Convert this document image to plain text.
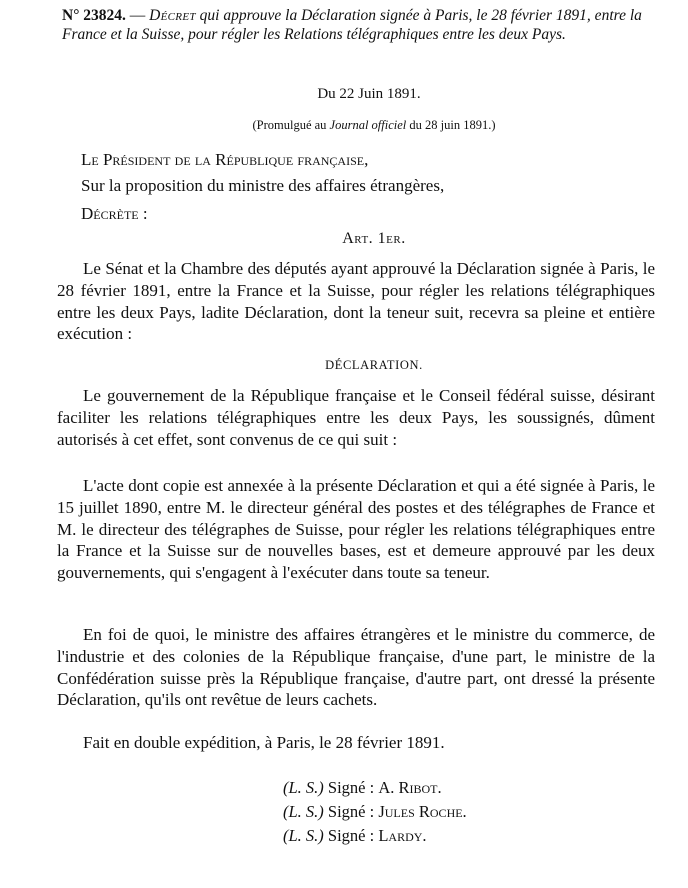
N° 23824. — Décret qui approuve la Déclaration signée à Paris, le 28 février 1891, entre la France et la Suisse, pour régler les Relations télégraphiques entre les deux Pays.
Du 22 Juin 1891.
(Promulgué au Journal officiel du 28 juin 1891.)
Le Président de la République française,
Sur la proposition du ministre des affaires étrangères,
Décrète :
Art. 1er.
Le Sénat et la Chambre des députés ayant approuvé la Déclaration signée à Paris, le 28 février 1891, entre la France et la Suisse, pour régler les relations télégraphiques entre les deux Pays, ladite Déclaration, dont la teneur suit, recevra sa pleine et entière exécution :
DÉCLARATION.
Le gouvernement de la République française et le Conseil fédéral suisse, désirant faciliter les relations télégraphiques entre les deux Pays, les soussignés, dûment autorisés à cet effet, sont convenus de ce qui suit :
L'acte dont copie est annexée à la présente Déclaration et qui a été signée à Paris, le 15 juillet 1890, entre M. le directeur général des postes et des télégraphes de France et M. le directeur des télégraphes de Suisse, pour régler les relations télégraphiques entre la France et la Suisse sur de nouvelles bases, est et demeure approuvé par les deux gouvernements, qui s'engagent à l'exécuter dans toute sa teneur.
En foi de quoi, le ministre des affaires étrangères et le ministre du commerce, de l'industrie et des colonies de la République française, d'une part, le ministre de la Confédération suisse près la République française, d'autre part, ont dressé la présente Déclaration, qu'ils ont revêtue de leurs cachets.
Fait en double expédition, à Paris, le 28 février 1891.
(L. S.) Signé : A. Ribot.
(L. S.) Signé : Jules Roche.
(L. S.) Signé : Lardy.
